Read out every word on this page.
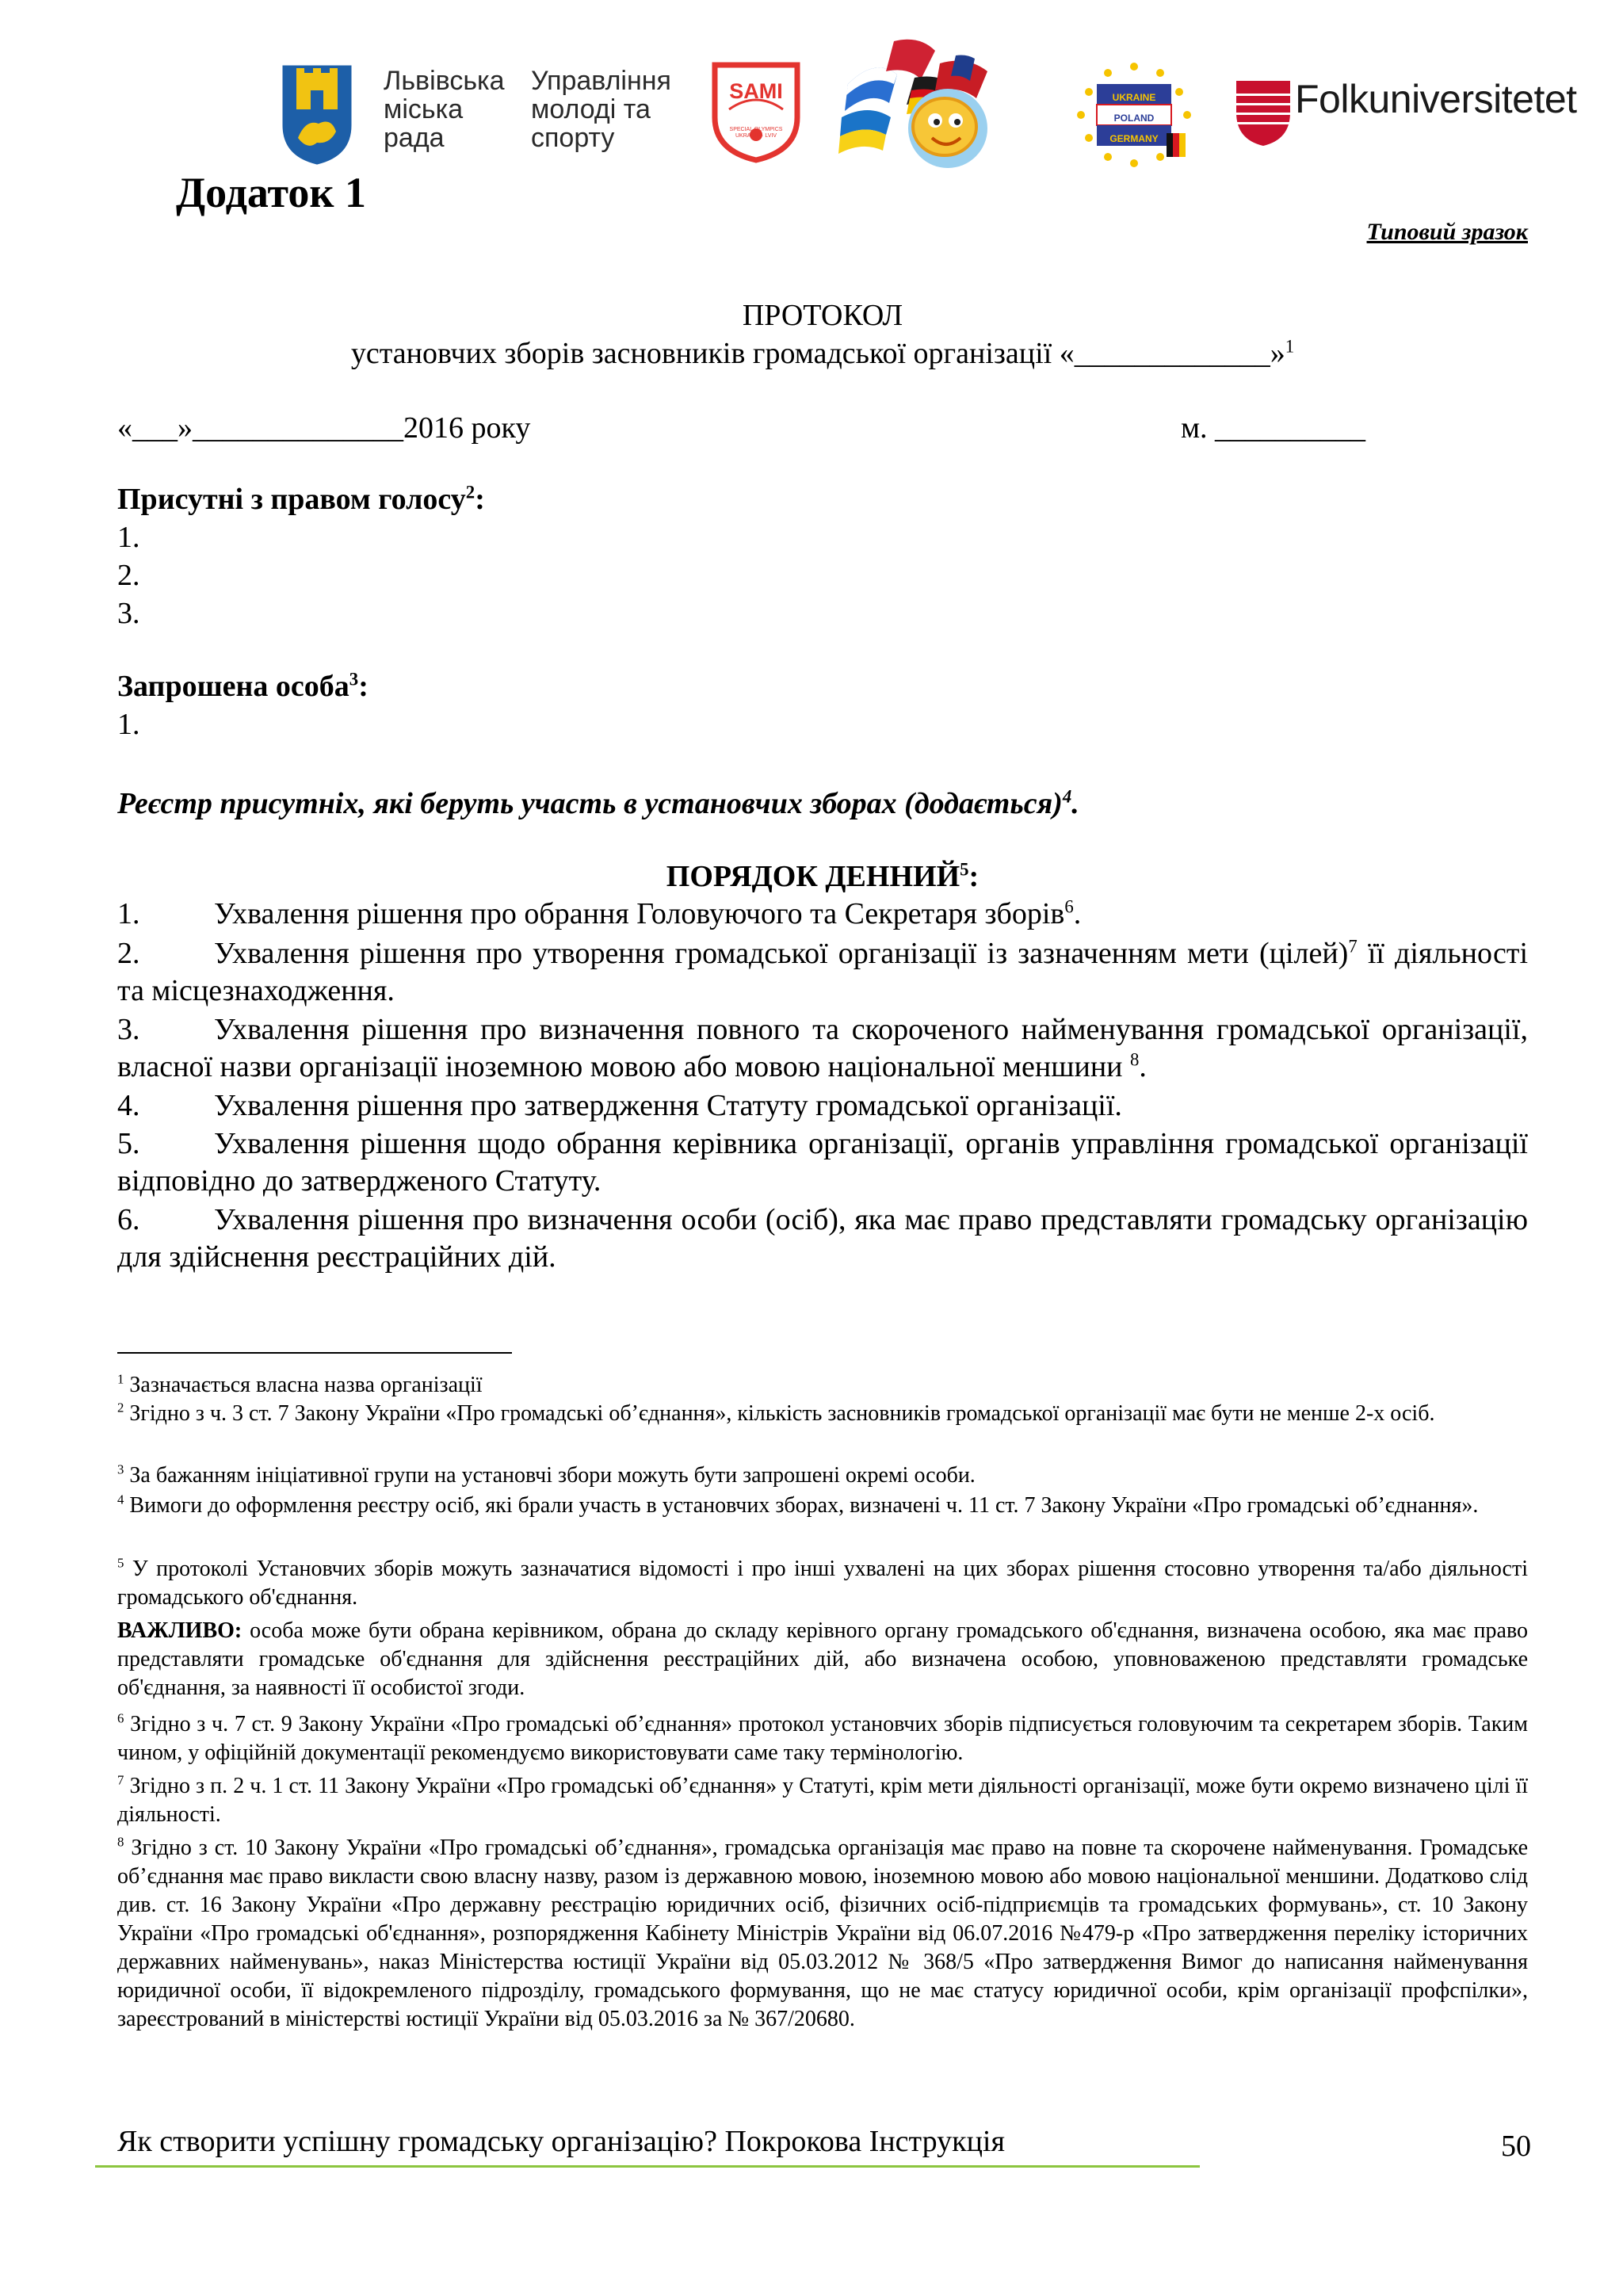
Львівська
міська
рада
Управління
молоді та
спорту
SAMI
SPECIAL OLYMPICS UKRAINE · LVIV
UKRAINE
POLAND
GERMANY
Folkuniversitetet
Додаток 1
Типовий зразок
ПРОТОКОЛ
установчих зборів засновників громадської організації «_____________»$^1$
«___»______________2016 року	м. __________
Присутні з правом голосу$^2$:
1.
2.
3.
Запрошена особа$^3$:
1.
Реєстр присутніх, які беруть участь в установчих зборах (додається)$^4$.
ПОРЯДОК ДЕННИЙ$^5$:
1. Ухвалення рішення про обрання Головуючого та Секретаря зборів$^6$.
2. Ухвалення рішення про утворення громадської організації із зазначенням мети (цілей)$^7$ її діяльності та місцезнаходження.
3. Ухвалення рішення про визначення повного та скороченого найменування громадської організації, власної назви організації іноземною мовою або мовою національної меншини $^8$.
4. Ухвалення рішення про затвердження Статуту громадської організації.
5. Ухвалення рішення щодо обрання керівника організації, органів управління громадської організації відповідно до затвердженого Статуту.
6. Ухвалення рішення про визначення особи (осіб), яка має право представляти громадську організацію для здійснення реєстраційних дій.
$^1$ Зазначається власна назва організації
$^2$ Згідно з ч. 3 ст. 7 Закону України «Про громадські об’єднання», кількість засновників громадської організації має бути не менше 2-х осіб.
$^3$ За бажанням ініціативної групи на установчі збори можуть бути запрошені окремі особи.
$^4$ Вимоги до оформлення реєстру осіб, які брали участь в установчих зборах, визначені ч. 11 ст. 7 Закону України «Про громадські об’єднання».
$^5$ У протоколі Установчих зборів можуть зазначатися відомості і про інші ухвалені на цих зборах рішення стосовно утворення та/або діяльності громадського об'єднання.
ВАЖЛИВО: особа може бути обрана керівником, обрана до складу керівного органу громадського об'єднання, визначена особою, яка має право представляти громадське об'єднання для здійснення реєстраційних дій, або визначена особою, уповноваженою представляти громадське об'єднання, за наявності її особистої згоди.
$^6$ Згідно з ч. 7 ст. 9 Закону України «Про громадські об’єднання» протокол установчих зборів підписується головуючим та секретарем зборів. Таким чином, у офіційній документації рекомендуємо використовувати саме таку термінологію.
$^7$ Згідно з п. 2 ч. 1 ст. 11 Закону України «Про громадські об’єднання» у Статуті, крім мети діяльності організації, може бути окремо визначено цілі її діяльності.
$^8$ Згідно з ст. 10 Закону України «Про громадські об’єднання», громадська організація має право на повне та скорочене найменування. Громадське об’єднання має право викласти свою власну назву, разом із державною мовою, іноземною мовою або мовою національної меншини. Додатково слід див. ст. 16 Закону України «Про державну реєстрацію юридичних осіб, фізичних осіб-підприємців та громадських формувань», ст. 10 Закону України «Про громадські об'єднання», розпорядження Кабінету Міністрів України від 06.07.2016 №479-р «Про затвердження переліку історичних державних найменувань», наказ Міністерства юстиції України від 05.03.2012 № 368/5 «Про затвердження Вимог до написання найменування юридичної особи, її відокремленого підрозділу, громадського формування, що не має статусу юридичної особи, крім організації профспілки», зареєстрований в міністерстві юстиції України від 05.03.2016 за № 367/20680.
Як створити успішну громадську організацію? Покрокова Інструкція	50
